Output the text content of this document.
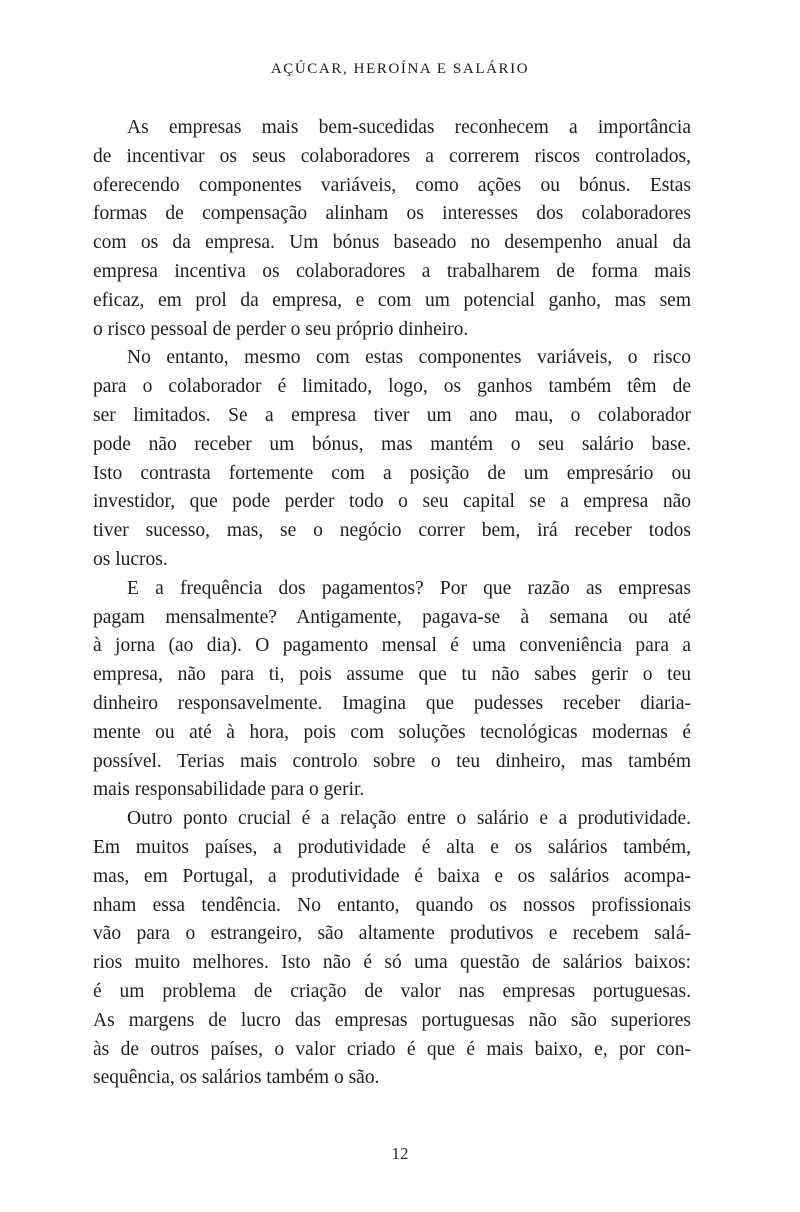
AÇÚCAR, HEROÍNA E SALÁRIO

As empresas mais bem-sucedidas reconhecem a importância
de incentivar os seus colaboradores a correrem riscos controlados,
oferecendo componentes variáveis, como ações ou bónus. Estas
formas de compensação alinham os interesses dos colaboradores
com os da empresa. Um bónus baseado no desempenho anual da
empresa incentiva os colaboradores a trabalharem de forma mais
eficaz, em prol da empresa, e com um potencial ganho, mas sem
o risco pessoal de perder o seu próprio dinheiro.

No entanto, mesmo com estas componentes variáveis, o risco
para o colaborador é limitado, logo, os ganhos também têm de
ser limitados. Se a empresa tiver um ano mau, o colaborador
pode não receber um bónus, mas mantém o seu salário base.
Isto contrasta fortemente com a posição de um empresário ou
investidor, que pode perder todo o seu capital se a empresa não
tiver sucesso, mas, se o negócio correr bem, irá receber todos
os lucros.

E a frequência dos pagamentos? Por que razão as empresas
pagam mensalmente? Antigamente, pagava-se à semana ou até
à jorna (ao dia). O pagamento mensal é uma conveniência para a
empresa, não para ti, pois assume que tu não sabes gerir o teu
dinheiro responsavelmente. Imagina que pudesses receber diaria-
mente ou até à hora, pois com soluções tecnológicas modernas é
possível. Terias mais controlo sobre o teu dinheiro, mas também
mais responsabilidade para o gerir.

Outro ponto crucial é a relação entre o salário e a produtividade.
Em muitos países, a produtividade é alta e os salários também,
mas, em Portugal, a produtividade é baixa e os salários acompa-
nham essa tendência. No entanto, quando os nossos profissionais
vão para o estrangeiro, são altamente produtivos e recebem salá-
rios muito melhores. Isto não é só uma questão de salários baixos:
é um problema de criação de valor nas empresas portuguesas.
As margens de lucro das empresas portuguesas não são superiores
às de outros países, o valor criado é que é mais baixo, e, por con-
sequência, os salários também o são.

12
